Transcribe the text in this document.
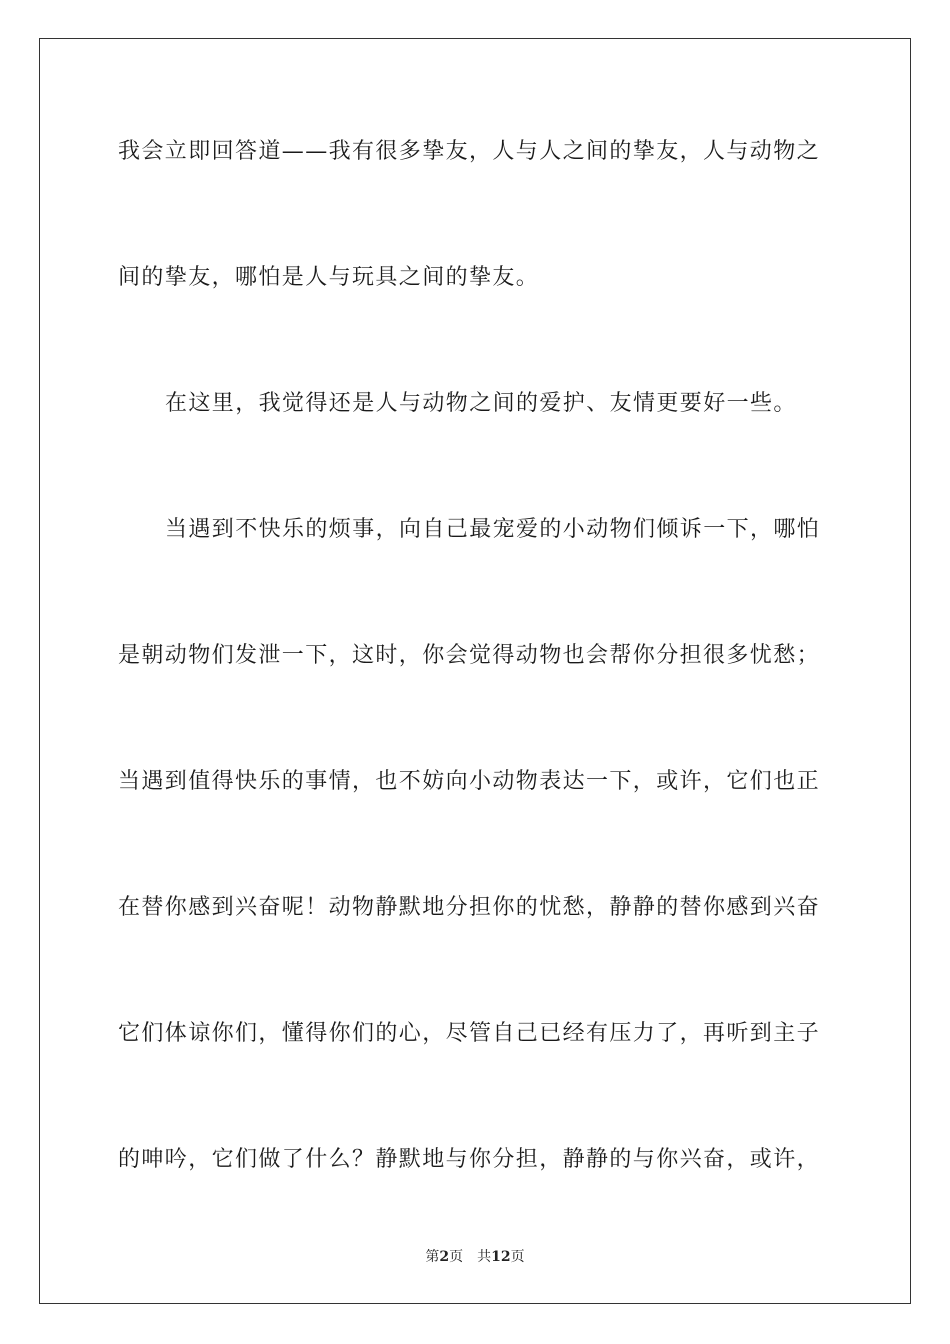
我会立即回答道——我有很多挚友，人与人之间的挚友，人与动物之
间的挚友，哪怕是人与玩具之间的挚友。
在这里，我觉得还是人与动物之间的爱护、友情更要好一些。
当遇到不快乐的烦事，向自己最宠爱的小动物们倾诉一下，哪怕
是朝动物们发泄一下，这时，你会觉得动物也会帮你分担很多忧愁；
当遇到值得快乐的事情，也不妨向小动物表达一下，或许，它们也正
在替你感到兴奋呢！动物静默地分担你的忧愁，静静的替你感到兴奋
它们体谅你们，懂得你们的心，尽管自己已经有压力了，再听到主子
的呻吟，它们做了什么？静默地与你分担，静静的与你兴奋，或许，
第2页 共12页
